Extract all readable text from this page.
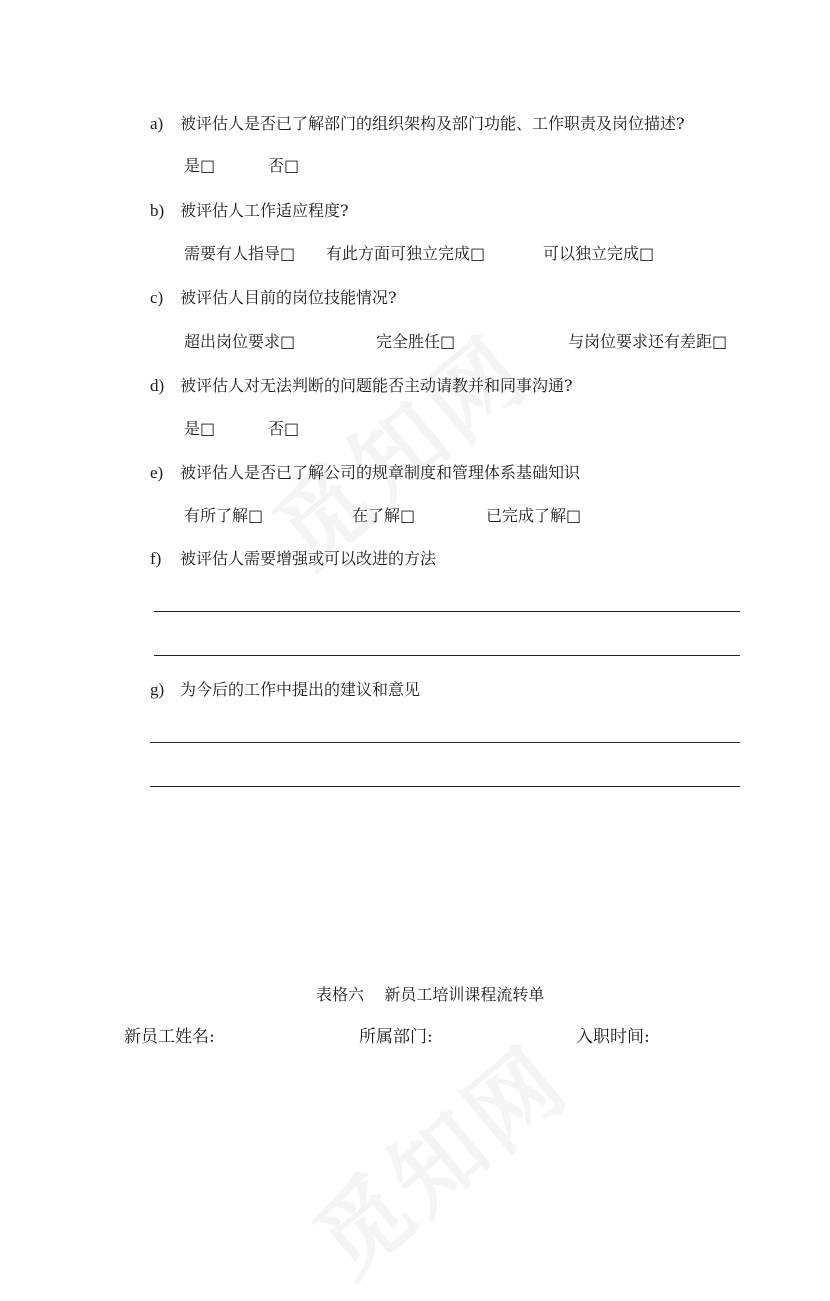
a) 被评估人是否已了解部门的组织架构及部门功能、工作职责及岗位描述?
是□	否□
b) 被评估人工作适应程度?
需要有人指导□ 有此方面可独立完成□	可以独立完成□
c) 被评估人目前的岗位技能情况?
超出岗位要求□	完全胜任□	与岗位要求还有差距□
d) 被评估人对无法判断的问题能否主动请教并和同事沟通?
是□	否□
e) 被评估人是否已了解公司的规章制度和管理体系基础知识
有所了解□	在了解□	已完成了解□
f) 被评估人需要增强或可以改进的方法
g) 为今后的工作中提出的建议和意见
表格六    新员工培训课程流转单
新员工姓名:	所属部门:	入职时间:
